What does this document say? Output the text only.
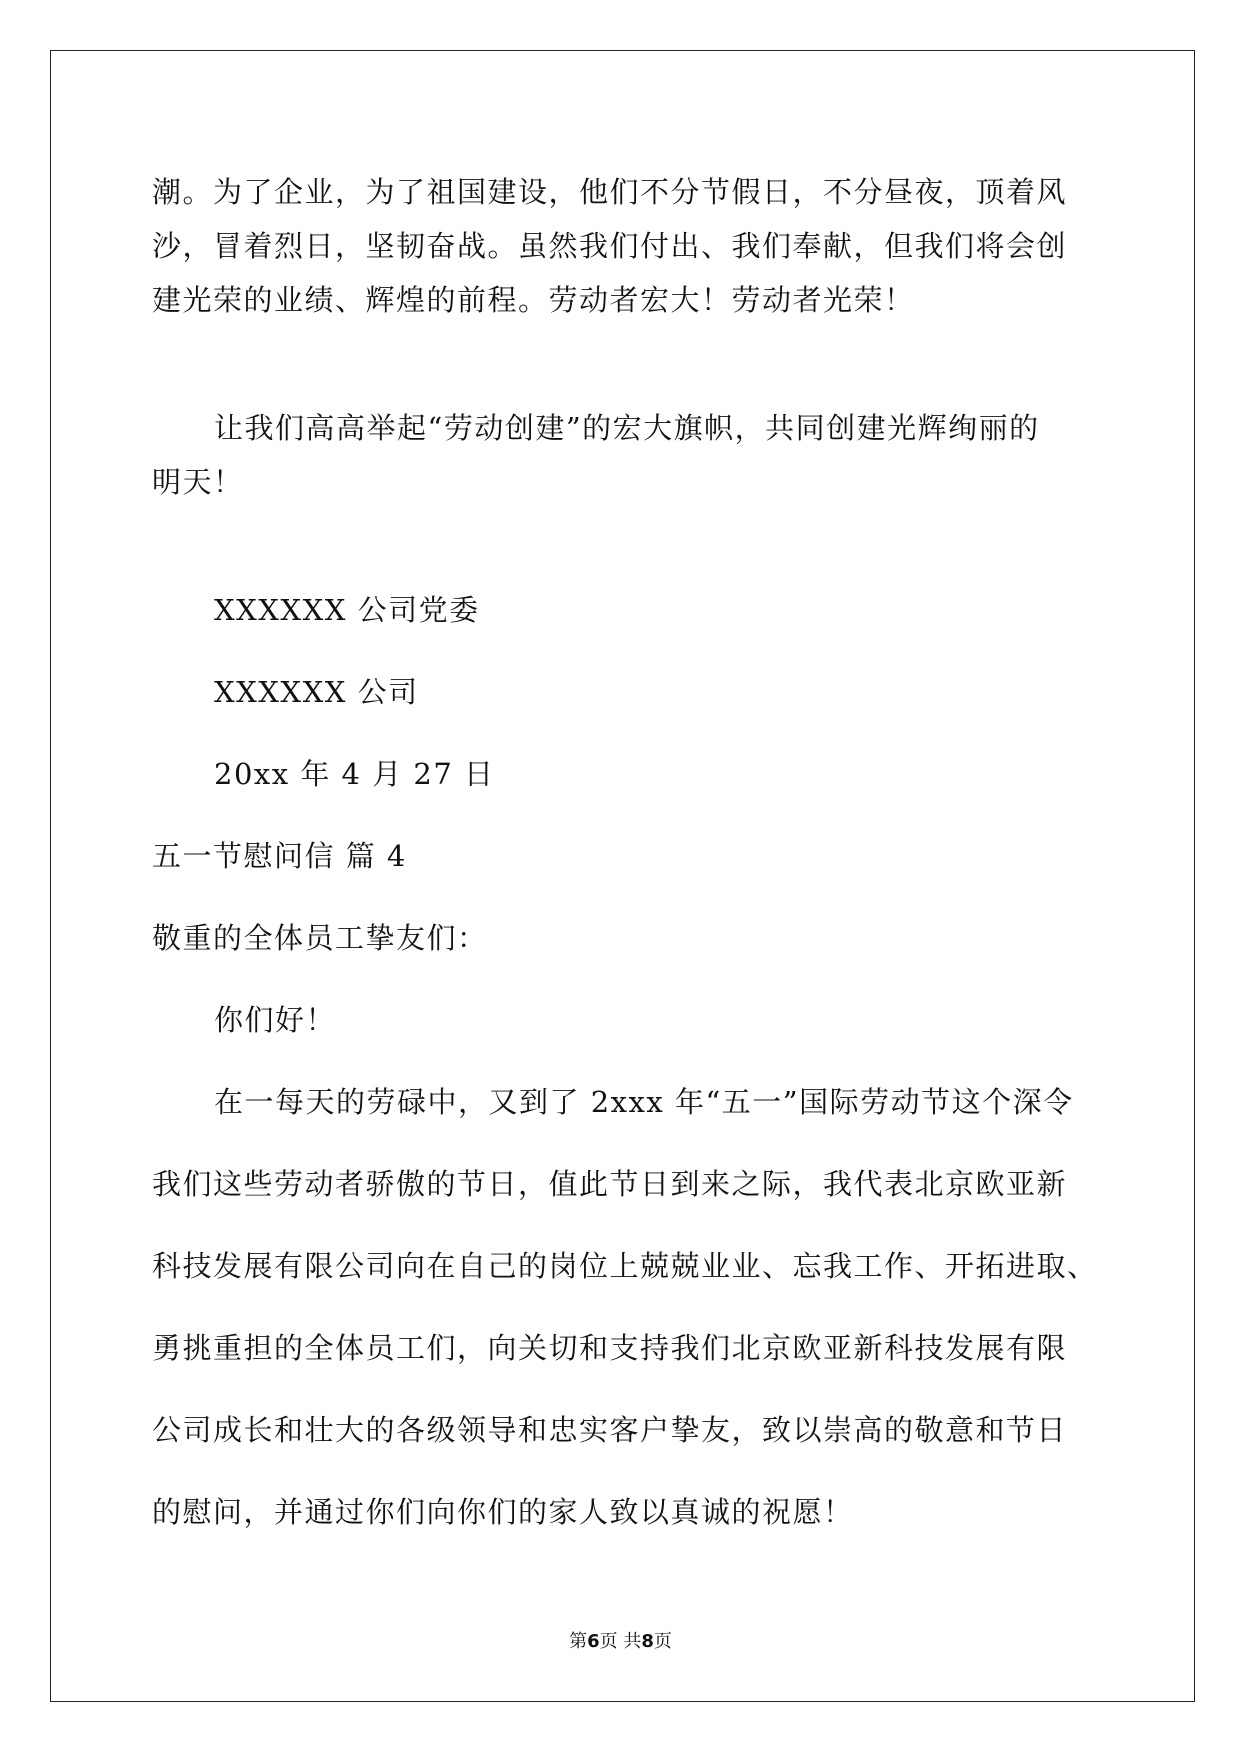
潮。为了企业，为了祖国建设，他们不分节假日，不分昼夜，顶着风
沙，冒着烈日，坚韧奋战。虽然我们付出、我们奉献，但我们将会创
建光荣的业绩、辉煌的前程。劳动者宏大！劳动者光荣！
让我们高高举起“劳动创建”的宏大旗帜，共同创建光辉绚丽的
明天！
XXXXXX 公司党委
XXXXXX 公司
20xx 年 4 月 27 日
五一节慰问信 篇 4
敬重的全体员工挚友们：
你们好！
在一每天的劳碌中，又到了 2xxx 年“五一”国际劳动节这个深令
我们这些劳动者骄傲的节日，值此节日到来之际，我代表北京欧亚新
科技发展有限公司向在自己的岗位上兢兢业业、忘我工作、开拓进取、
勇挑重担的全体员工们，向关切和支持我们北京欧亚新科技发展有限
公司成长和壮大的各级领导和忠实客户挚友，致以崇高的敬意和节日
的慰问，并通过你们向你们的家人致以真诚的祝愿！
第6页 共8页
